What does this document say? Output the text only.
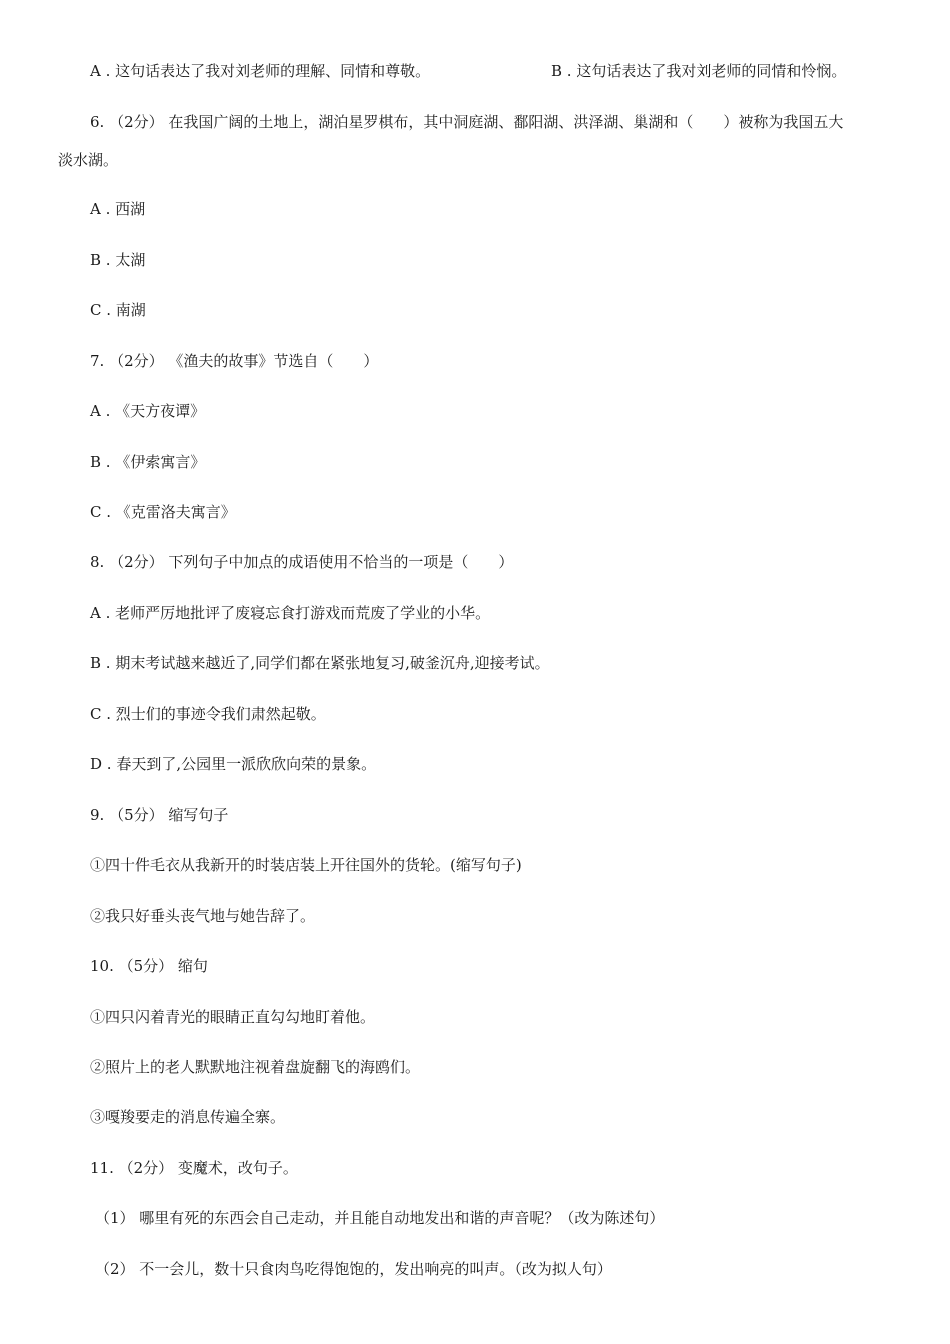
A . 这句话表达了我对刘老师的理解、同情和尊敬。	B . 这句话表达了我对刘老师的同情和怜悯。
6. （2分） 在我国广阔的土地上，湖泊星罗棋布，其中洞庭湖、鄱阳湖、洪泽湖、巢湖和（　　）被称为我国五大
淡水湖。
A . 西湖
B . 太湖
C . 南湖
7. （2分） 《渔夫的故事》节选自（　　）
A . 《天方夜谭》
B . 《伊索寓言》
C . 《克雷洛夫寓言》
8. （2分） 下列句子中加点的成语使用不恰当的一项是（　　）
A . 老师严厉地批评了废寝忘食打游戏而荒废了学业的小华。
B . 期末考试越来越近了,同学们都在紧张地复习,破釜沉舟,迎接考试。
C . 烈士们的事迹令我们肃然起敬。
D . 春天到了,公园里一派欣欣向荣的景象。
9. （5分） 缩写句子
①四十件毛衣从我新开的时装店装上开往国外的货轮。(缩写句子)
②我只好垂头丧气地与她告辞了。
10. （5分） 缩句
①四只闪着青光的眼睛正直勾勾地盯着他。
②照片上的老人默默地注视着盘旋翻飞的海鸥们。
③嘎羧要走的消息传遍全寨。
11. （2分） 变魔术，改句子。
（1） 哪里有死的东西会自己走动，并且能自动地发出和谐的声音呢？（改为陈述句）
（2） 不一会儿，数十只食肉鸟吃得饱饱的，发出响亮的叫声。（改为拟人句）
